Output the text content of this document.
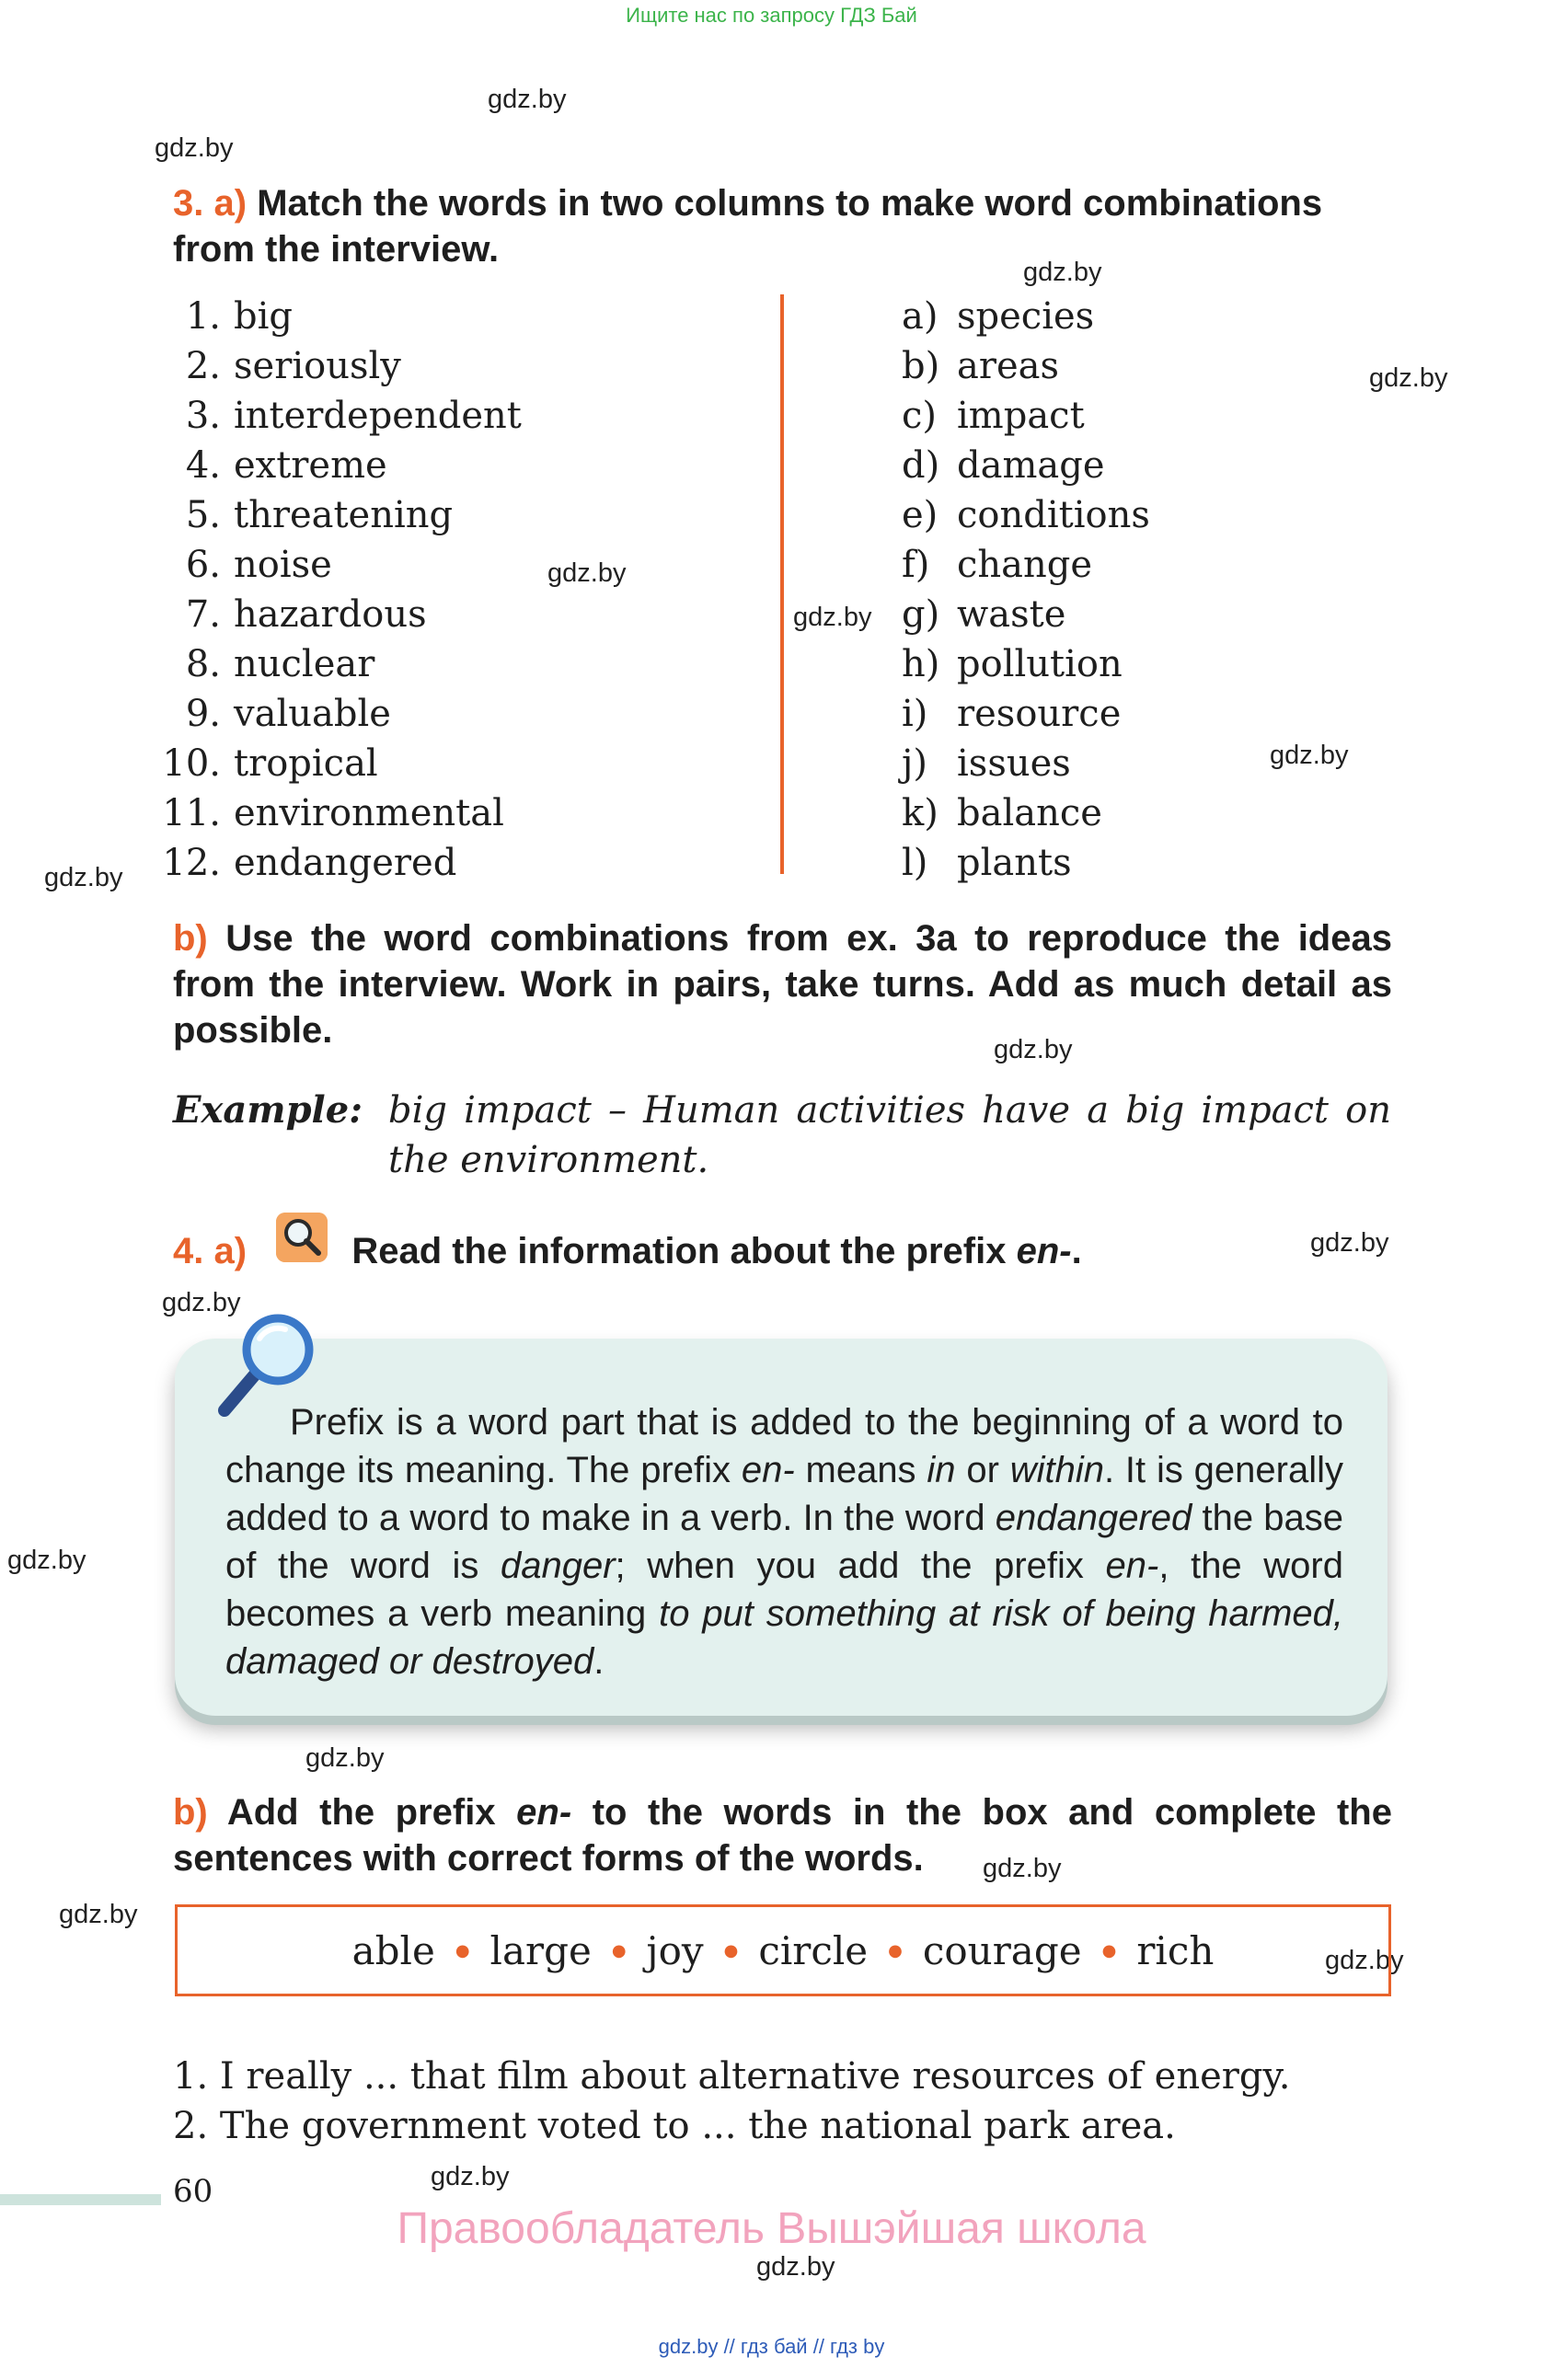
Ищите нас по запросу ГДЗ Бай
gdz.by
gdz.by
gdz.by
gdz.by
gdz.by
gdz.by
gdz.by
gdz.by
gdz.by
gdz.by
gdz.by
gdz.by
gdz.by
gdz.by
gdz.by
gdz.by
gdz.by
gdz.by
3. a) Match the words in two columns to make word combinations from the interview.
1. big
2. seriously
3. interdependent
4. extreme
5. threatening
6. noise
7. hazardous
8. nuclear
9. valuable
10. tropical
11. environmental
12. endangered
a) species
b) areas
c) impact
d) damage
e) conditions
f) change
g) waste
h) pollution
i) resource
j) issues
k) balance
l) plants
b) Use the word combinations from ex. 3a to reproduce the ideas from the interview. Work in pairs, take turns. Add as much detail as possible.
Example: big impact – Human activities have a big impact on the environment.
4. a)	Read the information about the prefix en-.
Prefix is a word part that is added to the beginning of a word to change its meaning. The prefix en- means in or within. It is generally added to a word to make in a verb. In the word endangered the base of the word is danger; when you add the prefix en-, the word becomes a verb meaning to put something at risk of being harmed, damaged or destroyed.
b) Add the prefix en- to the words in the box and complete the sentences with correct forms of the words.
able ● large ● joy ● circle ● courage ● rich
1. I really ... that film about alternative resources of energy.
2. The government voted to ... the national park area.
60
Правообладатель Вышэйшая школа
gdz.by // гдз бай // гдз by
